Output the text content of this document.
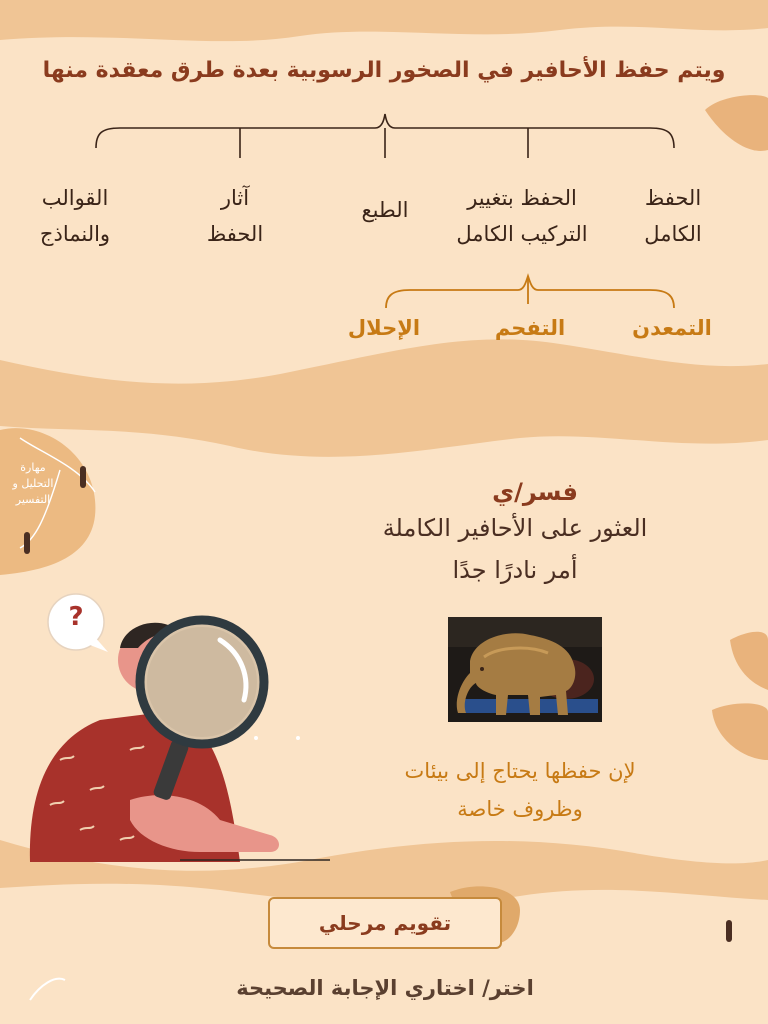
ويتم حفظ الأحافير في الصخور الرسوبية بعدة طرق معقدة منها
الحفظ
الكامل
الحفظ بتغيير
التركيب الكامل
الطبع
آثار
الحفظ
القوالب
والنماذج
التمعدن
التفحم
الإحلال
مهارة
التحليل و
التفسير	فسر/ي
العثور على الأحافير الكاملة
أمر نادرًا جدًا
لإن حفظها يحتاج إلى بيئات
وظروف خاصة
?
تقويم مرحلي
اختر/ اختاري الإجابة الصحيحة
